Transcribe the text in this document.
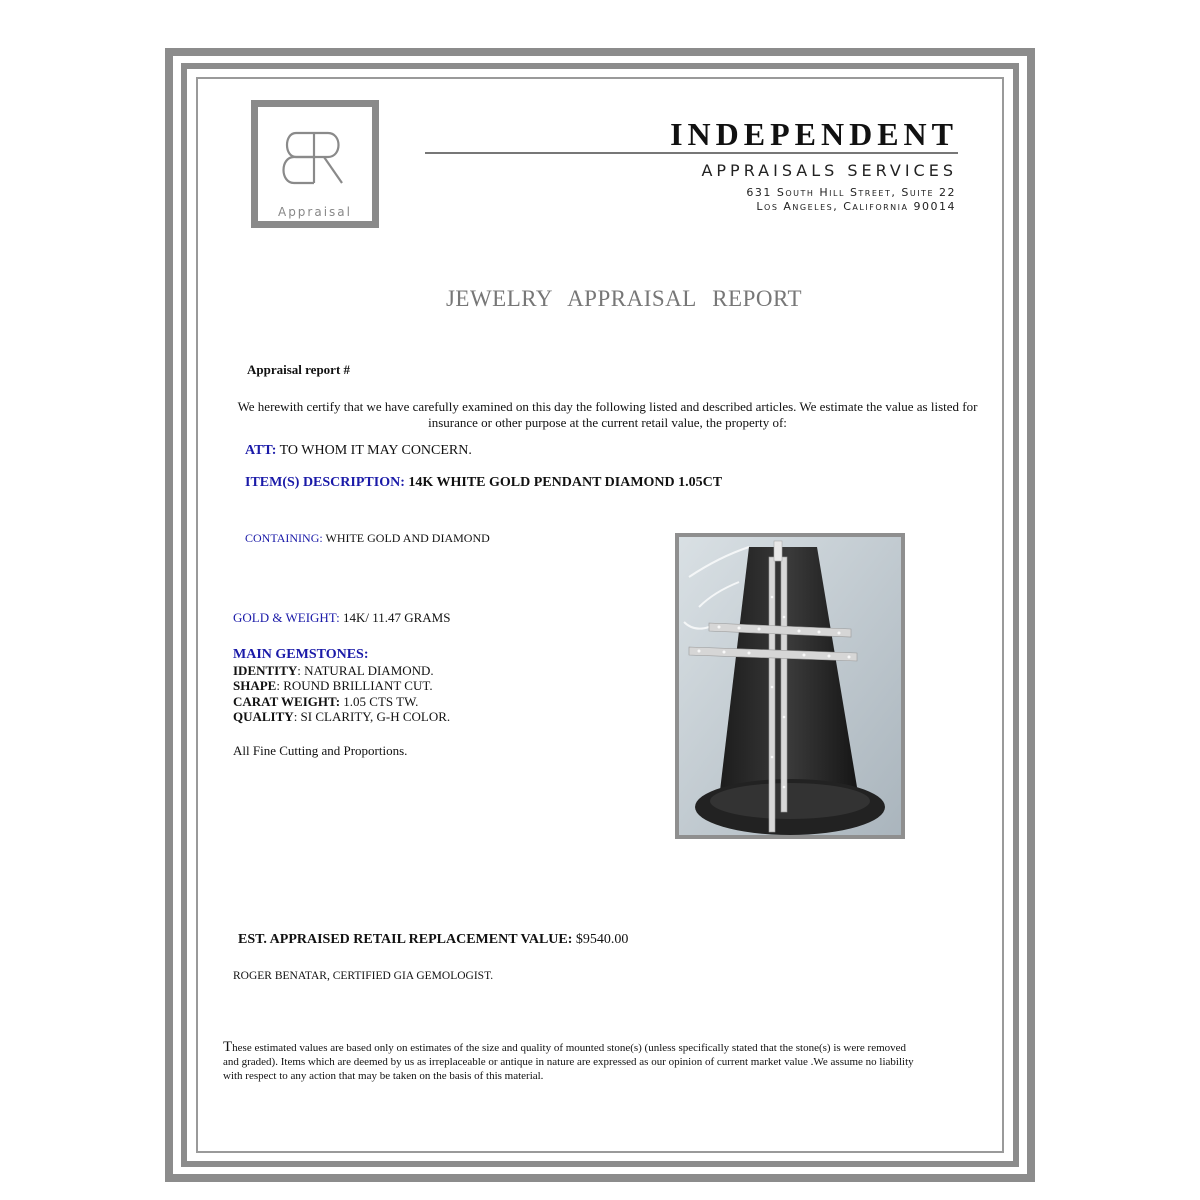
Appraisal
INDEPENDENT
APPRAISALS SERVICES
631 South Hill Street, Suite 22
Los Angeles, California 90014
JEWELRY APPRAISAL REPORT
Appraisal report #
We herewith certify that we have carefully examined on this day the following listed and described articles. We estimate the value as listed for insurance or other purpose at the current retail value, the property of:
ATT: TO WHOM IT MAY CONCERN.
ITEM(S) DESCRIPTION: 14K WHITE GOLD PENDANT DIAMOND 1.05CT
CONTAINING: WHITE GOLD AND DIAMOND
GOLD & WEIGHT: 14K/ 11.47 GRAMS
MAIN GEMSTONES:
IDENTITY: NATURAL DIAMOND.
SHAPE: ROUND BRILLIANT CUT.
CARAT WEIGHT: 1.05 CTS TW.
QUALITY: SI CLARITY, G-H COLOR.
All Fine Cutting and Proportions.
EST. APPRAISED RETAIL REPLACEMENT VALUE: $9540.00
ROGER BENATAR, CERTIFIED GIA GEMOLOGIST.
These estimated values are based only on estimates of the size and quality of mounted stone(s) (unless specifically stated that the stone(s) is were removed and graded). Items which are deemed by us as irreplaceable or antique in nature are expressed as our opinion of current market value .We assume no liability with respect to any action that may be taken on the basis of this material.
